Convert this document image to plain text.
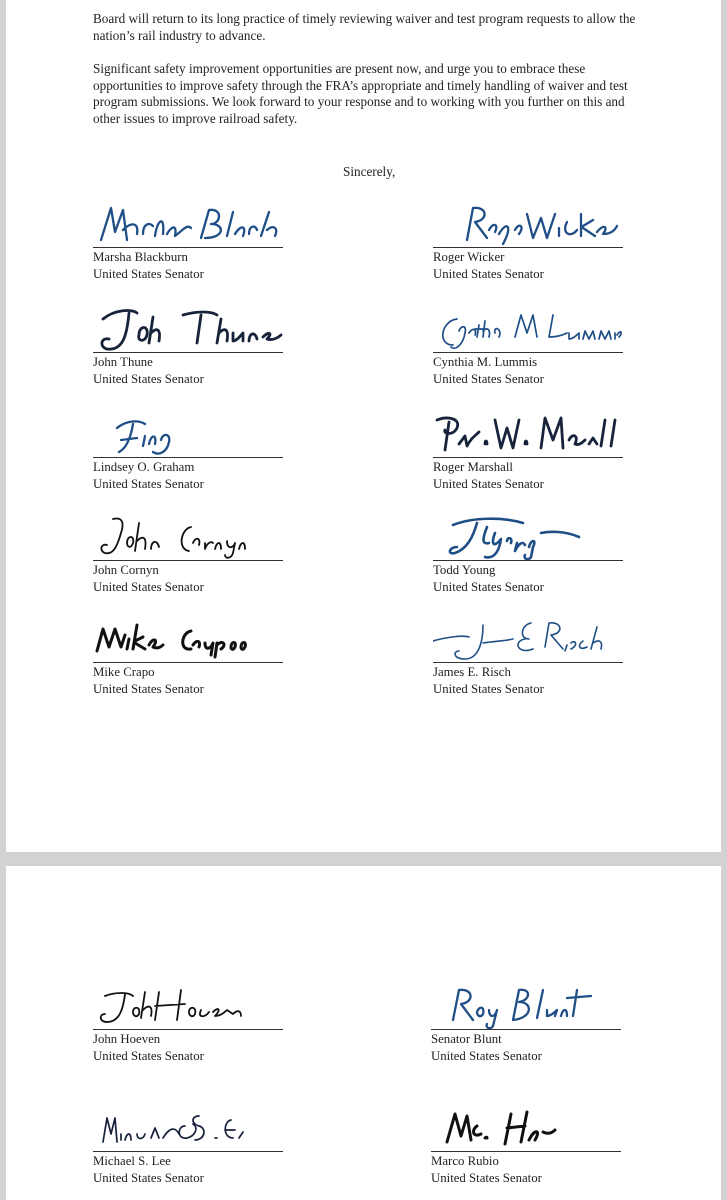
Board will return to its long practice of timely reviewing waiver and test program requests to allow the nation’s rail industry to advance.

Significant safety improvement opportunities are present now, and urge you to embrace these opportunities to improve safety through the FRA’s appropriate and timely handling of waiver and test program submissions. We look forward to your response and to working with you further on this and other issues to improve railroad safety.

Sincerely,
Marsha Blackburn
United States Senator
Roger Wicker
United States Senator
John Thune
United States Senator
Cynthia M. Lummis
United States Senator
Lindsey O. Graham
United States Senator
Roger Marshall
United States Senator
John Cornyn
United States Senator
Todd Young
United States Senator
Mike Crapo
United States Senator
James E. Risch
United States Senator
John Hoeven
United States Senator
Senator Blunt
United States Senator
Michael S. Lee
United States Senator
Marco Rubio
United States Senator
